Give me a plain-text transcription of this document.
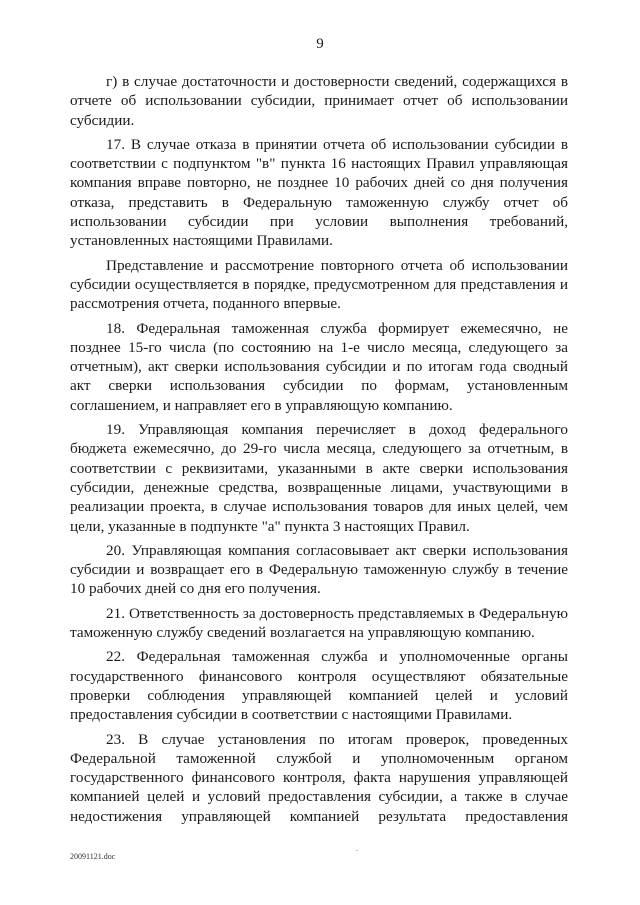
9

г) в случае достаточности и достоверности сведений, содержащихся в отчете об использовании субсидии, принимает отчет об использовании субсидии.

17. В случае отказа в принятии отчета об использовании субсидии в соответствии с подпунктом "в" пункта 16 настоящих Правил управляющая компания вправе повторно, не позднее 10 рабочих дней со дня получения отказа, представить в Федеральную таможенную службу отчет об использовании субсидии при условии выполнения требований, установленных настоящими Правилами.

Представление и рассмотрение повторного отчета об использовании субсидии осуществляется в порядке, предусмотренном для представления и рассмотрения отчета, поданного впервые.

18. Федеральная таможенная служба формирует ежемесячно, не позднее 15-го числа (по состоянию на 1-е число месяца, следующего за отчетным), акт сверки использования субсидии и по итогам года сводный акт сверки использования субсидии по формам, установленным соглашением, и направляет его в управляющую компанию.

19. Управляющая компания перечисляет в доход федерального бюджета ежемесячно, до 29-го числа месяца, следующего за отчетным, в соответствии с реквизитами, указанными в акте сверки использования субсидии, денежные средства, возвращенные лицами, участвующими в реализации проекта, в случае использования товаров для иных целей, чем цели, указанные в подпункте "а" пункта 3 настоящих Правил.

20. Управляющая компания согласовывает акт сверки использования субсидии и возвращает его в Федеральную таможенную службу в течение 10 рабочих дней со дня его получения.

21. Ответственность за достоверность представляемых в Федеральную таможенную службу сведений возлагается на управляющую компанию.

22. Федеральная таможенная служба и уполномоченные органы государственного финансового контроля осуществляют обязательные проверки соблюдения управляющей компанией целей и условий предоставления субсидии в соответствии с настоящими Правилами.

23. В случае установления по итогам проверок, проведенных Федеральной таможенной службой и уполномоченным органом государственного финансового контроля, факта нарушения управляющей компанией целей и условий предоставления субсидии, а также в случае недостижения управляющей компанией результата предоставления

.
20091121.doc
